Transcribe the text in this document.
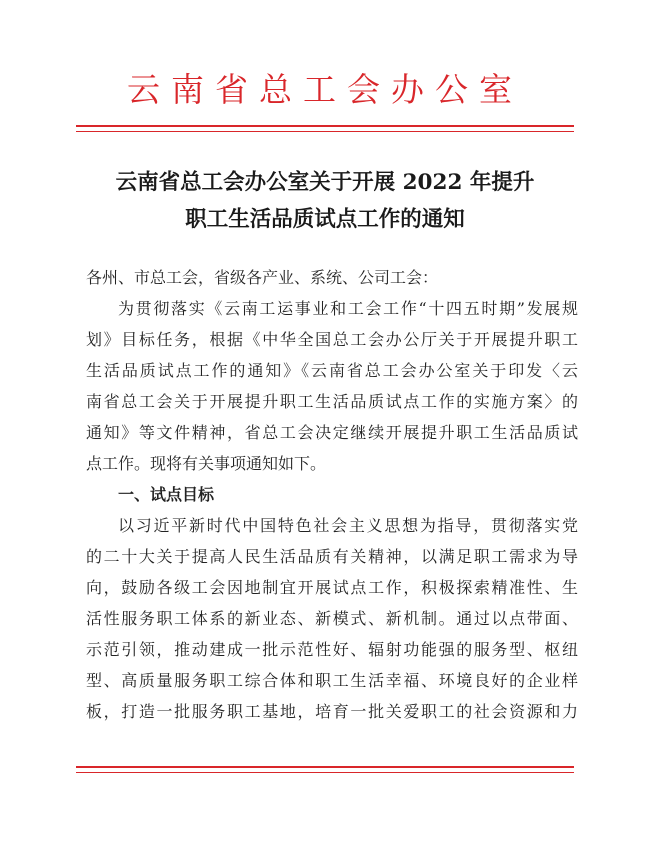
云南省总工会办公室
云南省总工会办公室关于开展 2022 年提升
职工生活品质试点工作的通知
各州、市总工会，省级各产业、系统、公司工会：
为贯彻落实《云南工运事业和工会工作“十四五时期”发展规
划》目标任务，根据《中华全国总工会办公厅关于开展提升职工
生活品质试点工作的通知》《云南省总工会办公室关于印发〈云
南省总工会关于开展提升职工生活品质试点工作的实施方案〉的
通知》等文件精神，省总工会决定继续开展提升职工生活品质试
点工作。现将有关事项通知如下。
一、试点目标
以习近平新时代中国特色社会主义思想为指导，贯彻落实党
的二十大关于提高人民生活品质有关精神，以满足职工需求为导
向，鼓励各级工会因地制宜开展试点工作，积极探索精准性、生
活性服务职工体系的新业态、新模式、新机制。通过以点带面、
示范引领，推动建成一批示范性好、辐射功能强的服务型、枢纽
型、高质量服务职工综合体和职工生活幸福、环境良好的企业样
板，打造一批服务职工基地，培育一批关爱职工的社会资源和力
